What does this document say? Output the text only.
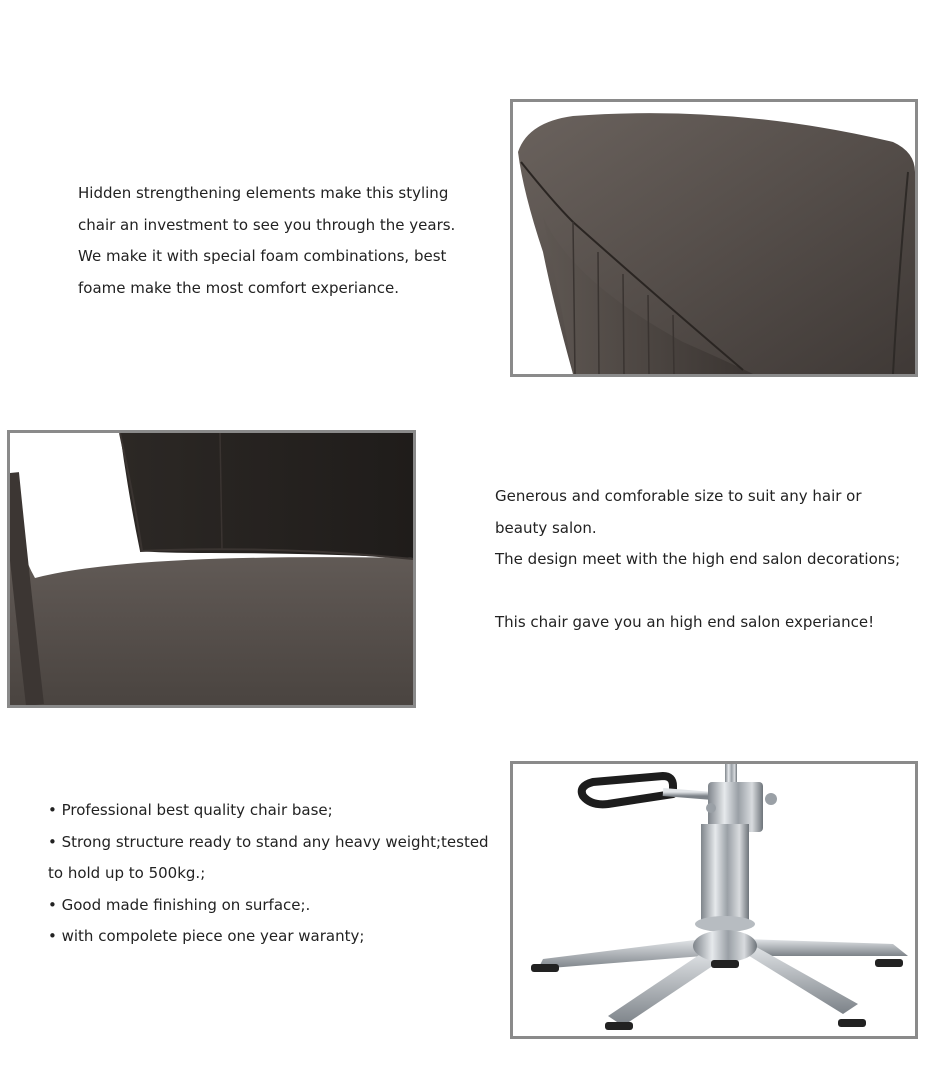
Hidden strengthening elements make this styling
chair an investment to see you through the years.
We make it with special foam combinations, best
foame make the most comfort experiance.
Generous and comforable size to suit any hair or
beauty salon.
The design meet with the high end salon decorations;
This chair gave you an high end salon experiance!
• Professional best quality chair base;
• Strong structure ready to stand any heavy weight;tested
to hold up to 500kg.;
• Good made finishing on surface;.
• with compolete piece one year waranty;
